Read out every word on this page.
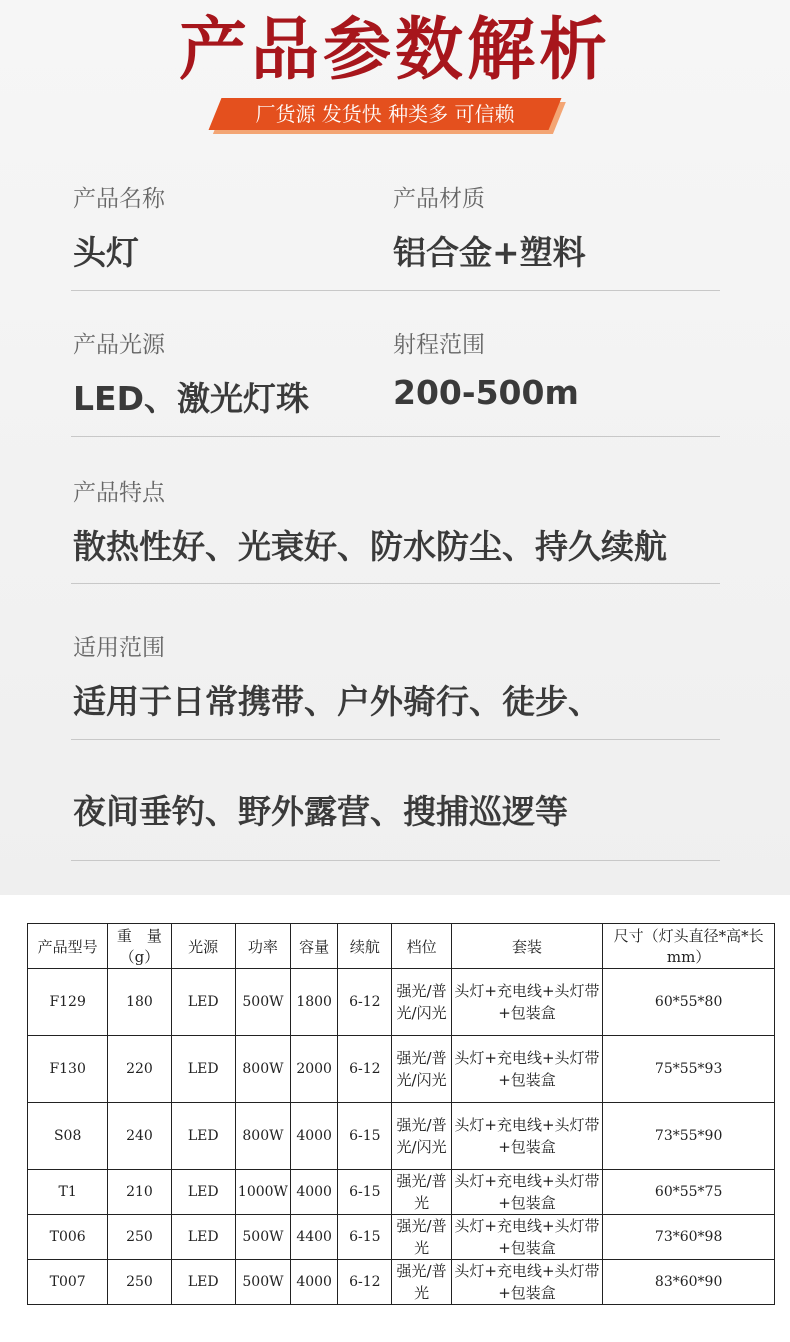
产品参数解析
厂货源 发货快 种类多 可信赖
产品名称
头灯
产品材质
铝合金+塑料
产品光源
LED、激光灯珠
射程范围
200-500m
产品特点
散热性好、光衰好、防水防尘、持久续航
适用范围
适用于日常携带、户外骑行、徒步、
夜间垂钓、野外露营、搜捕巡逻等
产品型号	重　量（g）	光源	功率	容量	续航	档位	套装	尺寸（灯头直径*高*长mm）
F129	180	LED	500W	1800	6-12	强光/普光/闪光	头灯+充电线+头灯带+包装盒	60*55*80
F130	220	LED	800W	2000	6-12	强光/普光/闪光	头灯+充电线+头灯带+包装盒	75*55*93
S08	240	LED	800W	4000	6-15	强光/普光/闪光	头灯+充电线+头灯带+包装盒	73*55*90
T1	210	LED	1000W	4000	6-15	强光/普光	头灯+充电线+头灯带+包装盒	60*55*75
T006	250	LED	500W	4400	6-15	强光/普光	头灯+充电线+头灯带+包装盒	73*60*98
T007	250	LED	500W	4000	6-12	强光/普光	头灯+充电线+头灯带+包装盒	83*60*90
